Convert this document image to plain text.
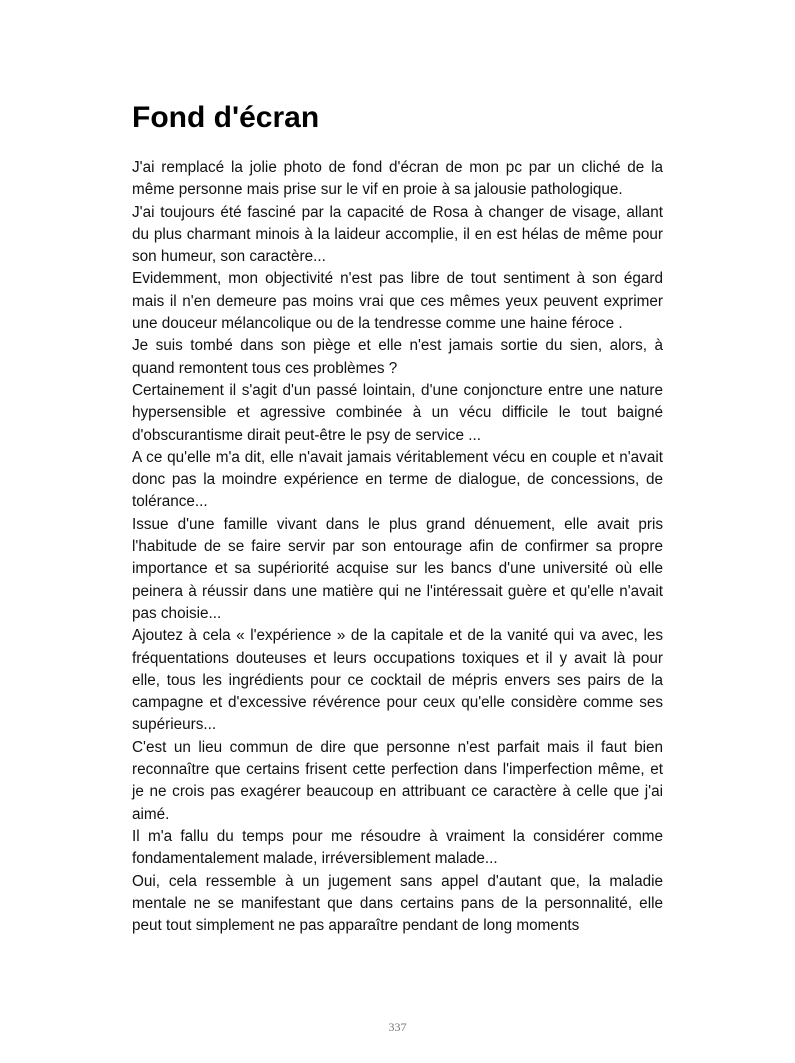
Fond d'écran

J'ai remplacé la jolie photo de fond d'écran de mon pc par un cliché de la même personne mais prise sur le vif en proie à sa jalousie pathologique.

J'ai toujours été fasciné par la capacité de Rosa à changer de visage, allant du plus charmant minois à la laideur accomplie, il en est hélas de même pour son humeur, son caractère...

Evidemment, mon objectivité n'est pas libre de tout sentiment à son égard mais il n'en demeure pas moins vrai que ces mêmes yeux peuvent exprimer une douceur mélancolique ou de la tendresse comme une haine féroce .

Je suis tombé dans son piège et elle n'est jamais sortie du sien, alors, à quand remontent tous ces problèmes ?

Certainement il s'agit d'un passé lointain, d'une conjoncture entre une nature hypersensible et agressive combinée à un vécu difficile le tout baigné d'obscurantisme dirait peut-être le psy de service ...

A ce qu'elle m'a dit, elle n'avait jamais véritablement vécu en couple et n'avait donc pas la moindre expérience en terme de dialogue, de concessions, de tolérance...

Issue d'une famille vivant dans le plus grand dénuement, elle avait pris l'habitude de se faire servir par son entourage afin de confirmer sa propre importance et sa supériorité acquise sur les bancs d'une université où elle peinera à réussir dans une matière qui ne l'intéressait guère et qu'elle n'avait pas choisie...

Ajoutez à cela « l'expérience » de la capitale et de la vanité qui va avec, les fréquentations douteuses et leurs occupations toxiques et il y avait là pour elle, tous les ingrédients pour ce cocktail de mépris envers ses pairs de la campagne et d'excessive révérence pour ceux qu'elle considère comme ses supérieurs...

C'est un lieu commun de dire que personne n'est parfait mais il faut bien reconnaître que certains frisent cette perfection dans l'imperfection même, et je ne crois pas exagérer beaucoup en attribuant ce caractère à celle que j'ai aimé.

Il m'a fallu du temps pour me résoudre à vraiment la considérer comme fondamentalement malade, irréversiblement malade...

Oui, cela ressemble à un jugement sans appel d'autant que, la maladie mentale ne se manifestant que dans certains pans de la personnalité, elle peut tout simplement ne pas apparaître pendant de long moments

337
